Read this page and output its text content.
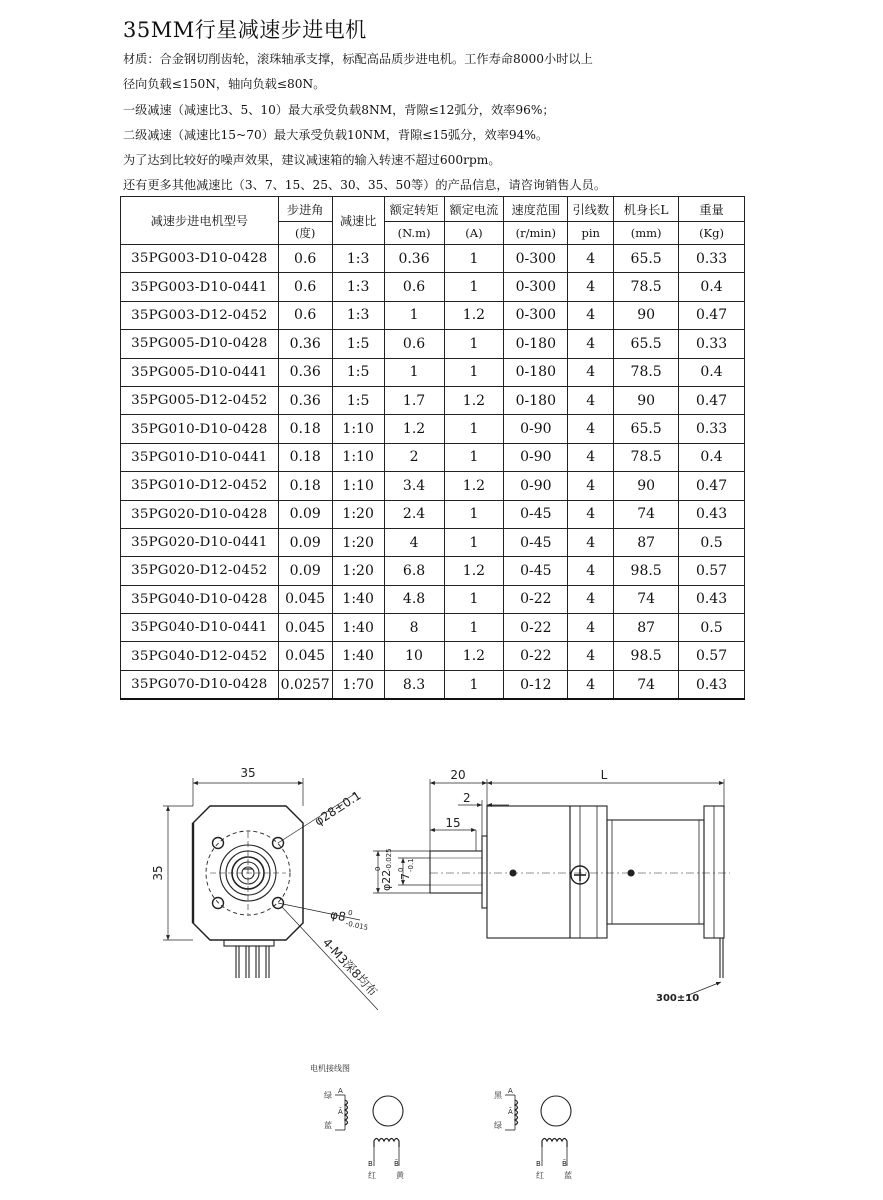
35MM行星减速步进电机
材质：合金钢切削齿轮，滚珠轴承支撑，标配高品质步进电机。工作寿命8000小时以上
径向负载≤150N，轴向负载≤80N。
一级减速（减速比3、5、10）最大承受负载8NM，背隙≤12弧分，效率96%；
二级减速（减速比15~70）最大承受负载10NM，背隙≤15弧分，效率94%。
为了达到比较好的噪声效果，建议减速箱的输入转速不超过600rpm。
还有更多其他减速比（3、7、15、25、30、35、50等）的产品信息，请咨询销售人员。
减速步进电机型号	步进角	减速比	额定转矩	额定电流	速度范围	引线数	机身长L	重量
	(度)		(N.m)	(A)	(r/min)	pin	(mm)	(Kg)
35PG003-D10-0428	0.6	1:3	0.36	1	0-300	4	65.5	0.33
35PG003-D10-0441	0.6	1:3	0.6	1	0-300	4	78.5	0.4
35PG003-D12-0452	0.6	1:3	1	1.2	0-300	4	90	0.47
35PG005-D10-0428	0.36	1:5	0.6	1	0-180	4	65.5	0.33
35PG005-D10-0441	0.36	1:5	1	1	0-180	4	78.5	0.4
35PG005-D12-0452	0.36	1:5	1.7	1.2	0-180	4	90	0.47
35PG010-D10-0428	0.18	1:10	1.2	1	0-90	4	65.5	0.33
35PG010-D10-0441	0.18	1:10	2	1	0-90	4	78.5	0.4
35PG010-D12-0452	0.18	1:10	3.4	1.2	0-90	4	90	0.47
35PG020-D10-0428	0.09	1:20	2.4	1	0-45	4	74	0.43
35PG020-D10-0441	0.09	1:20	4	1	0-45	4	87	0.5
35PG020-D12-0452	0.09	1:20	6.8	1.2	0-45	4	98.5	0.57
35PG040-D10-0428	0.045	1:40	4.8	1	0-22	4	74	0.43
35PG040-D10-0441	0.045	1:40	8	1	0-22	4	87	0.5
35PG040-D12-0452	0.045	1:40	10	1.2	0-22	4	98.5	0.57
35PG070-D10-0428	0.0257	1:70	8.3	1	0-12	4	74	0.43
35
35
φ28±0.1
φ8 0
-0.015
4-M3深8均布
20	L
2
15
7
0 -0.1
φ22
0 -0.025
300±10
电机接线图
A
绿
Ā
蓝
B	B̄
红	黄
A
黑
Ā
绿
B	B̄
红	蓝
